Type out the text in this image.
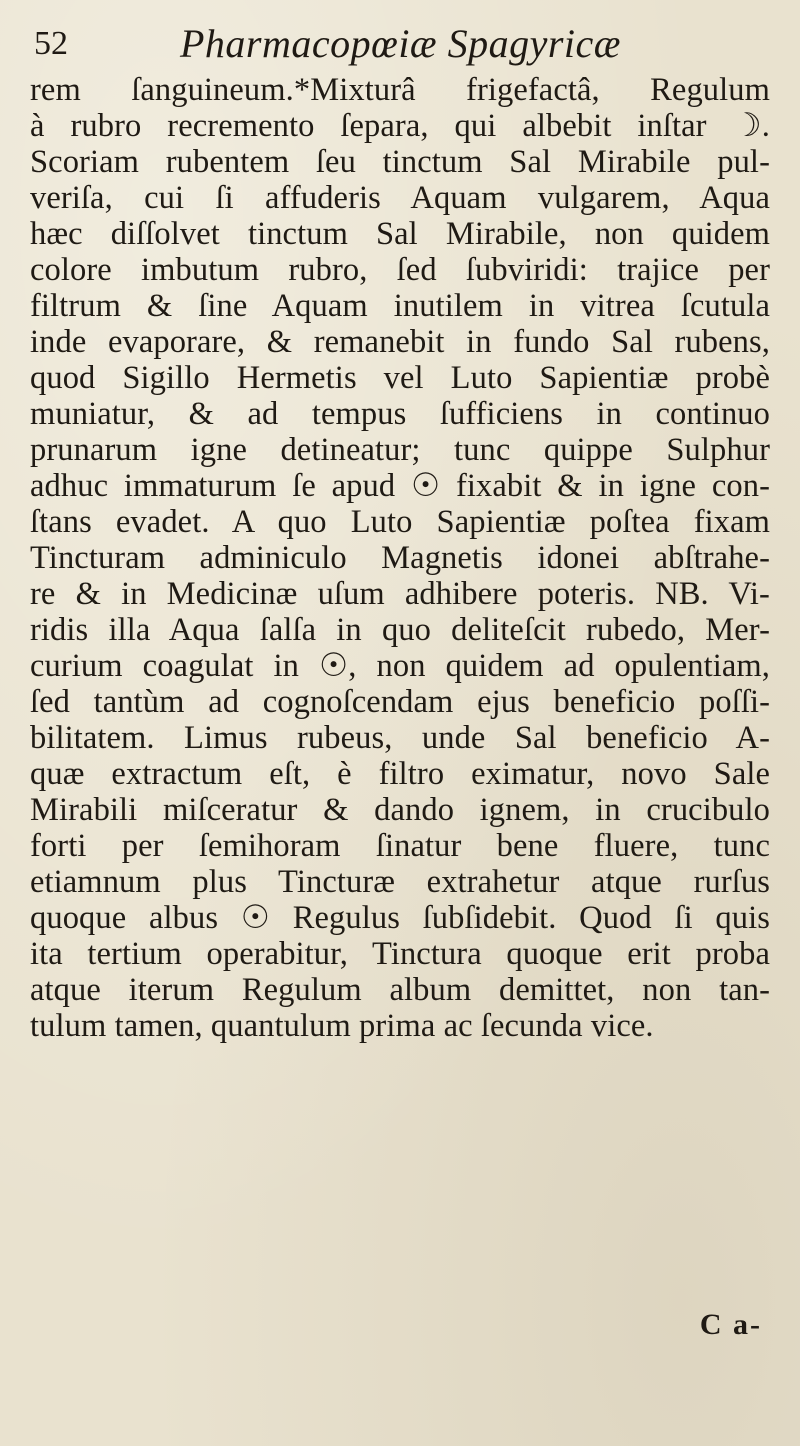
52	Pharmacopœiæ Spagyricæ
rem ſanguineum.*Mixturâ frigefactâ, Regulum
à rubro recremento ſepara, qui albebit inſtar ☽.
Scoriam rubentem ſeu tinctum Sal Mirabile pul-
veriſa, cui ſi affuderis Aquam vulgarem, Aqua
hæc diſſolvet tinctum Sal Mirabile, non quidem
colore imbutum rubro, ſed ſubviridi: trajice per
filtrum & ſine Aquam inutilem in vitrea ſcutula
inde evaporare, & remanebit in fundo Sal rubens,
quod Sigillo Hermetis vel Luto Sapientiæ probè
muniatur, & ad tempus ſufficiens in continuo
prunarum igne detineatur; tunc quippe Sulphur
adhuc immaturum ſe apud ☉ fixabit & in igne con-
ſtans evadet. A quo Luto Sapientiæ poſtea fixam
Tincturam adminiculo Magnetis idonei abſtrahe-
re & in Medicinæ uſum adhibere poteris. NB. Vi-
ridis illa Aqua ſalſa in quo deliteſcit rubedo, Mer-
curium coagulat in ☉, non quidem ad opulentiam,
ſed tantùm ad cognoſcendam ejus beneficio poſſi-
bilitatem. Limus rubeus, unde Sal beneficio A-
quæ extractum eſt, è filtro eximatur, novo Sale
Mirabili miſceratur & dando ignem, in crucibulo
forti per ſemihoram ſinatur bene fluere, tunc
etiamnum plus Tincturæ extrahetur atque rurſus
quoque albus ☉ Regulus ſubſidebit. Quod ſi quis
ita tertium operabitur, Tinctura quoque erit proba
atque iterum Regulum album demittet, non tan-
tulum tamen, quantulum prima ac ſecunda vice.
C a-
